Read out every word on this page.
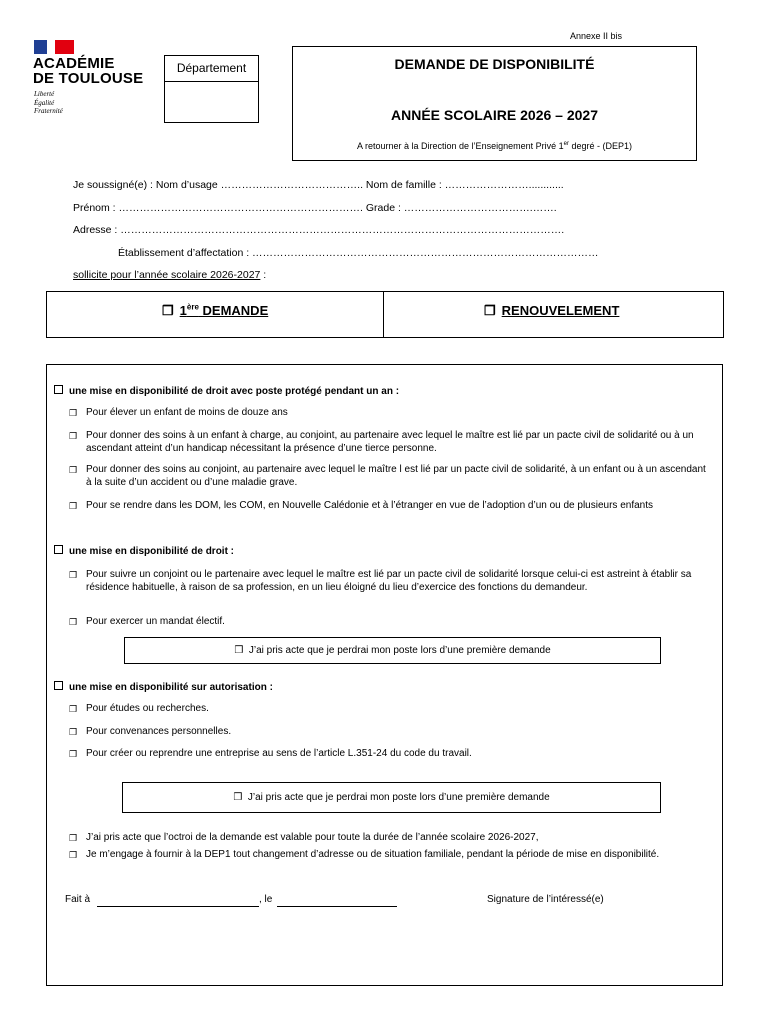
Annexe II bis
ACADÉMIE
DE TOULOUSE
Liberté
Égalité
Fraternité
Département	DEMANDE DE DISPONIBILITÉ
ANNÉE SCOLAIRE 2026 – 2027
A retourner à la Direction de l’Enseignement Privé 1er degré - (DEP1)
Je soussigné(e) : Nom d’usage ………………………………….. Nom de famille : ……………………............
Prénom : ……………………………………………………………. Grade : ……………………………….…….
Adresse : ……………………………………………………………………………………………………………….
Établissement d’affectation : ………………………………………………………………………………………
sollicite pour l’année scolaire 2026-2027 :
❒ 1ère DEMANDE	❒ RENOUVELEMENT
une mise en disponibilité de droit avec poste protégé pendant un an :
❒ Pour élever un enfant de moins de douze ans
❒ Pour donner des soins à un enfant à charge, au conjoint, au partenaire avec lequel le maître est lié par un pacte civil de solidarité ou à un ascendant atteint d’un handicap nécessitant la présence d’une tierce personne.
❒ Pour donner des soins au conjoint, au partenaire avec lequel le maître l est lié par un pacte civil de solidarité, à un enfant ou à un ascendant à la suite d’un accident ou d’une maladie grave.
❒ Pour se rendre dans les DOM, les COM, en Nouvelle Calédonie et à l’étranger en vue de l’adoption d’un ou de plusieurs enfants
une mise en disponibilité de droit :
❒ Pour suivre un conjoint ou le partenaire avec lequel le maître est lié par un pacte civil de solidarité lorsque celui-ci est astreint à établir sa résidence habituelle, à raison de sa profession, en un lieu éloigné du lieu d’exercice des fonctions du demandeur.
❒ Pour exercer un mandat électif.
❒ J’ai pris acte que je perdrai mon poste lors d’une première demande
une mise en disponibilité sur autorisation :
❒ Pour études ou recherches.
❒ Pour convenances personnelles.
❒ Pour créer ou reprendre une entreprise au sens de l’article L.351-24 du code du travail.
❒ J’ai pris acte que je perdrai mon poste lors d’une première demande
❒ J’ai pris acte que l’octroi de la demande est valable pour toute la durée de l’année scolaire 2026-2027,
❒ Je m’engage à fournir à la DEP1 tout changement d’adresse ou de situation familiale, pendant la période de mise en disponibilité.
Fait à	, le	Signature de l’intéressé(e)
